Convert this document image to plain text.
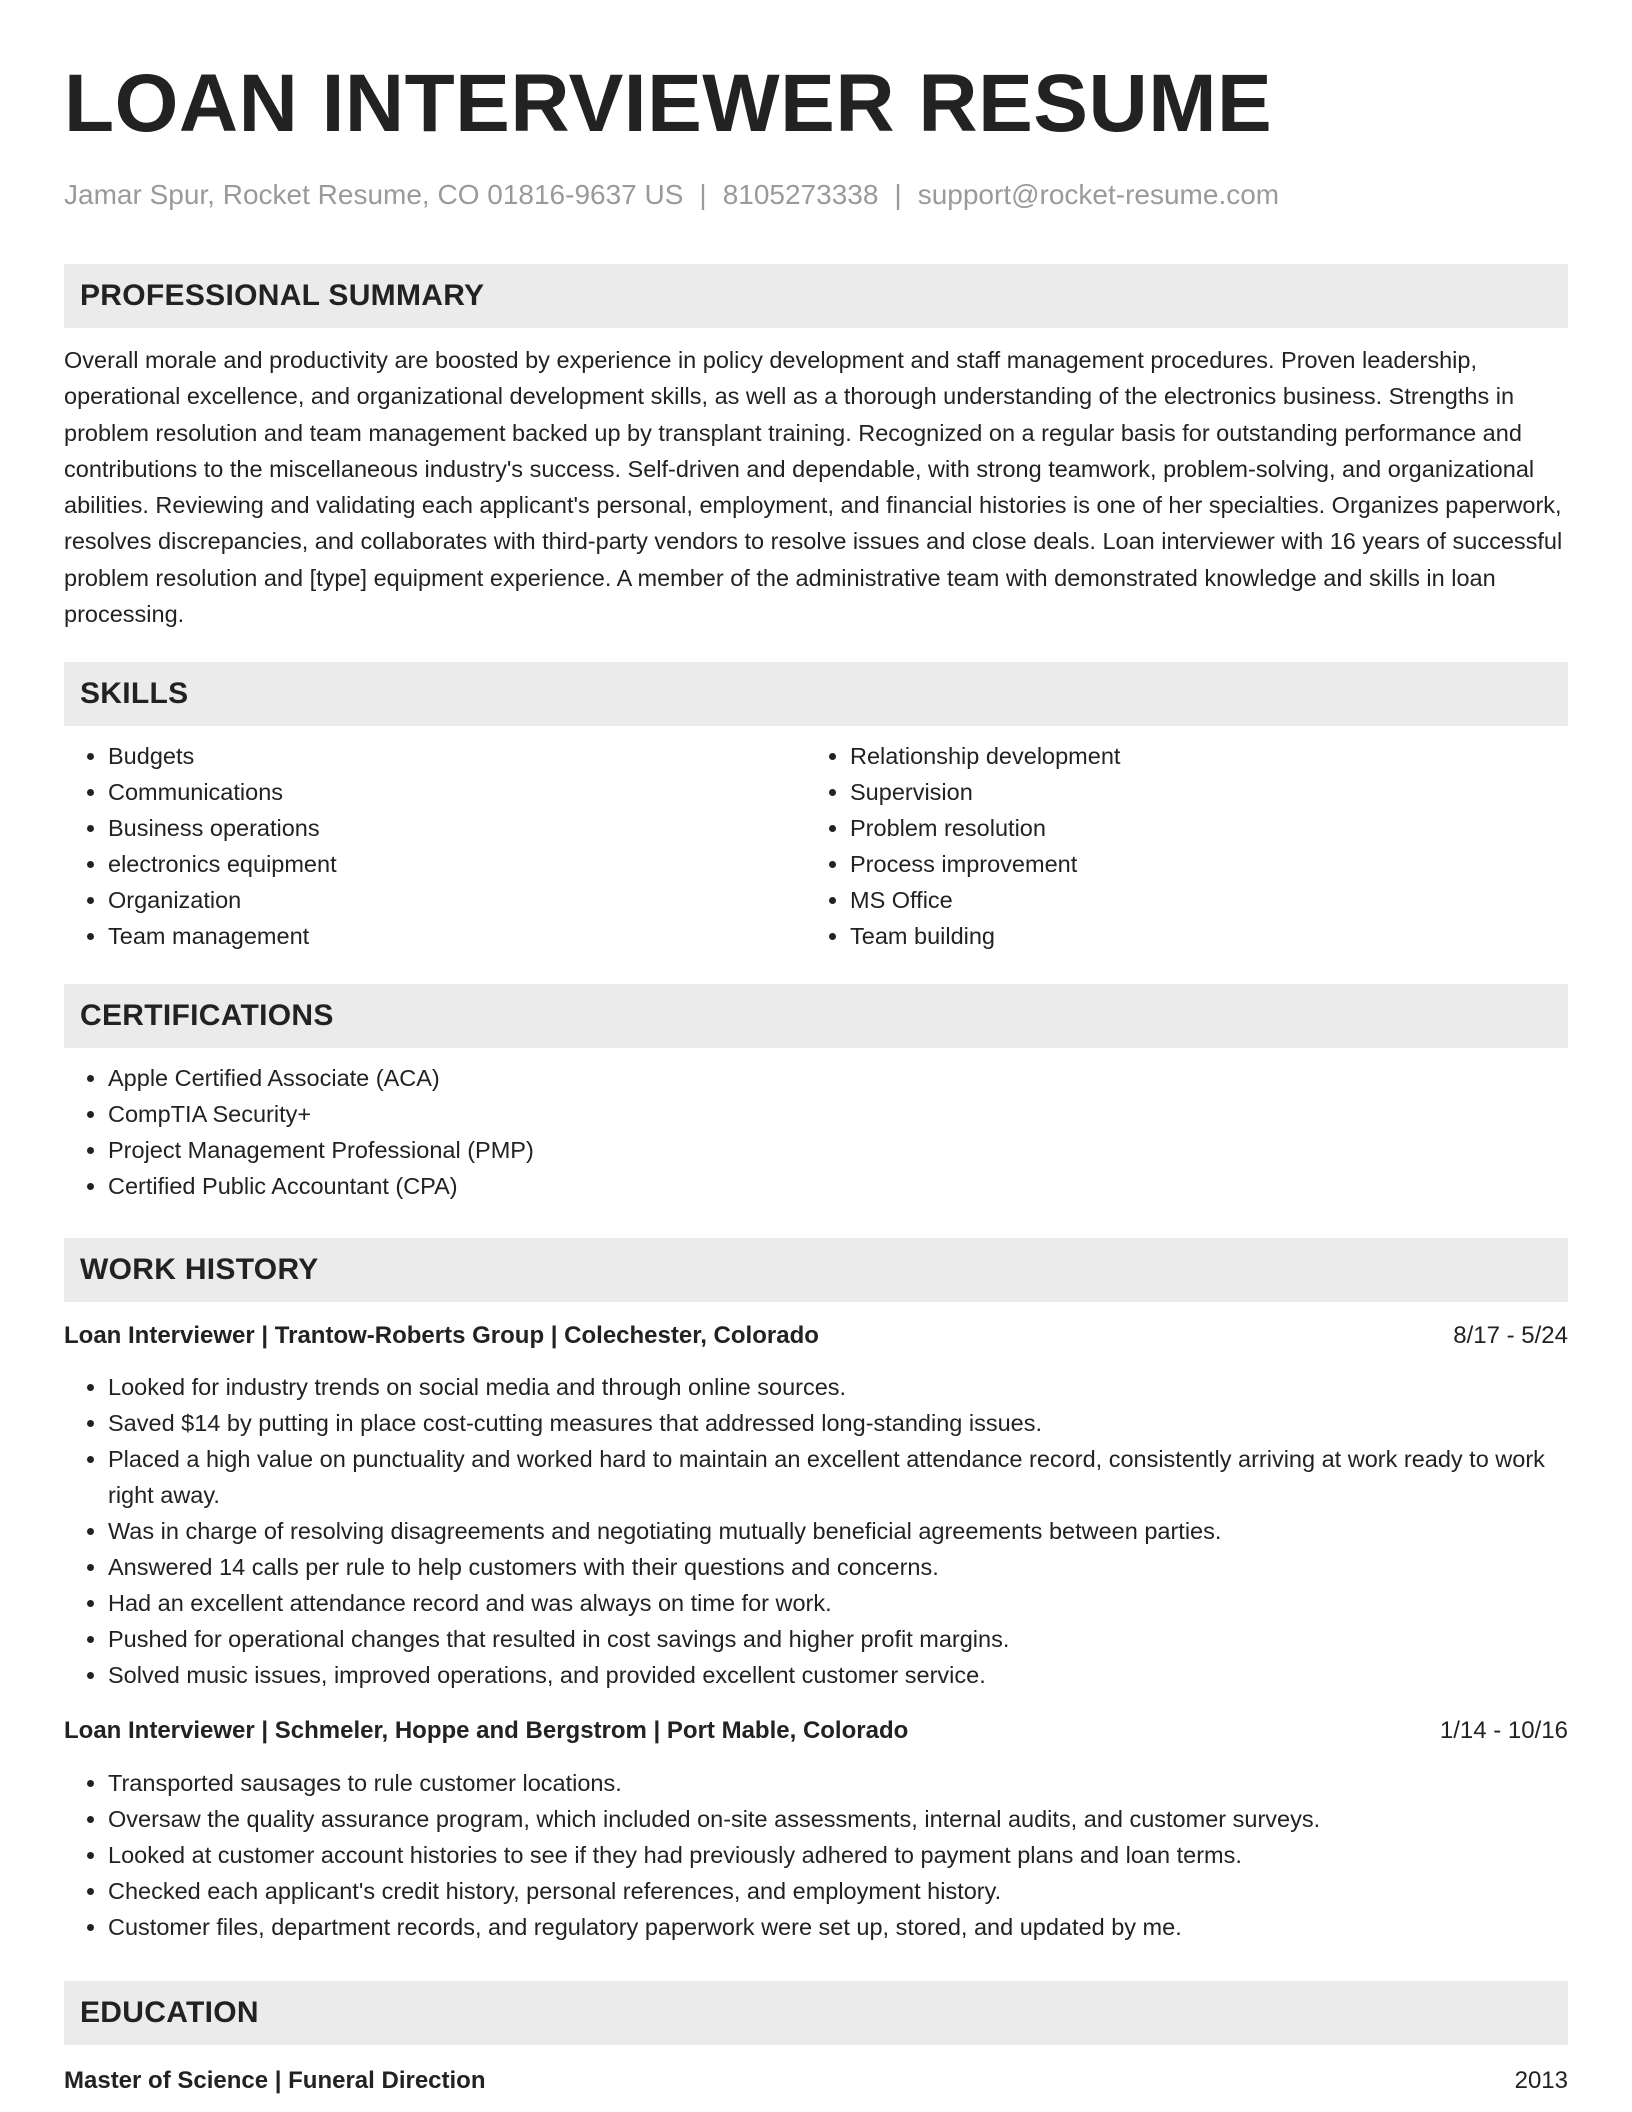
LOAN INTERVIEWER RESUME
Jamar Spur, Rocket Resume, CO 01816-9637 US | 8105273338 | support@rocket-resume.com
PROFESSIONAL SUMMARY
Overall morale and productivity are boosted by experience in policy development and staff management procedures. Proven leadership, operational excellence, and organizational development skills, as well as a thorough understanding of the electronics business. Strengths in problem resolution and team management backed up by transplant training. Recognized on a regular basis for outstanding performance and contributions to the miscellaneous industry's success. Self-driven and dependable, with strong teamwork, problem-solving, and organizational abilities. Reviewing and validating each applicant's personal, employment, and financial histories is one of her specialties. Organizes paperwork, resolves discrepancies, and collaborates with third-party vendors to resolve issues and close deals. Loan interviewer with 16 years of successful problem resolution and [type] equipment experience. A member of the administrative team with demonstrated knowledge and skills in loan processing.
SKILLS
• Budgets
• Communications
• Business operations
• electronics equipment
• Organization
• Team management
• Relationship development
• Supervision
• Problem resolution
• Process improvement
• MS Office
• Team building
CERTIFICATIONS
• Apple Certified Associate (ACA)
• CompTIA Security+
• Project Management Professional (PMP)
• Certified Public Accountant (CPA)
WORK HISTORY
Loan Interviewer | Trantow-Roberts Group | Colechester, Colorado	8/17 - 5/24
• Looked for industry trends on social media and through online sources.
• Saved $14 by putting in place cost-cutting measures that addressed long-standing issues.
• Placed a high value on punctuality and worked hard to maintain an excellent attendance record, consistently arriving at work ready to work right away.
• Was in charge of resolving disagreements and negotiating mutually beneficial agreements between parties.
• Answered 14 calls per rule to help customers with their questions and concerns.
• Had an excellent attendance record and was always on time for work.
• Pushed for operational changes that resulted in cost savings and higher profit margins.
• Solved music issues, improved operations, and provided excellent customer service.
Loan Interviewer | Schmeler, Hoppe and Bergstrom | Port Mable, Colorado	1/14 - 10/16
• Transported sausages to rule customer locations.
• Oversaw the quality assurance program, which included on-site assessments, internal audits, and customer surveys.
• Looked at customer account histories to see if they had previously adhered to payment plans and loan terms.
• Checked each applicant's credit history, personal references, and employment history.
• Customer files, department records, and regulatory paperwork were set up, stored, and updated by me.
EDUCATION
Master of Science | Funeral Direction	2013
